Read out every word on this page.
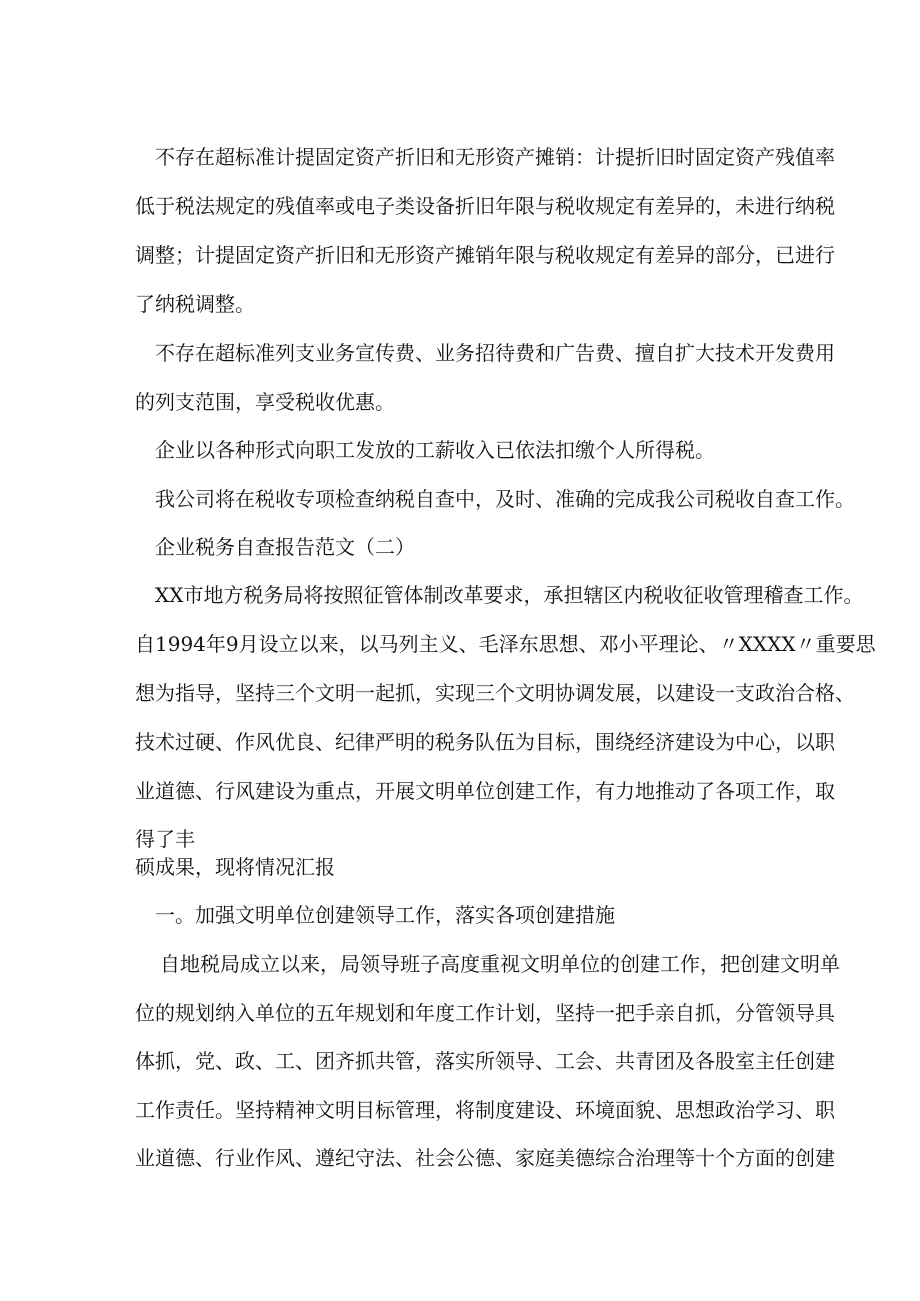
不存在超标准计提固定资产折旧和无形资产摊销：计提折旧时固定资产残值率
低于税法规定的残值率或电子类设备折旧年限与税收规定有差异的，未进行纳税
调整；计提固定资产折旧和无形资产摊销年限与税收规定有差异的部分，已进行
了纳税调整。
不存在超标准列支业务宣传费、业务招待费和广告费、擅自扩大技术开发费用
的列支范围，享受税收优惠。
企业以各种形式向职工发放的工薪收入已依法扣缴个人所得税。
我公司将在税收专项检查纳税自查中，及时、准确的完成我公司税收自查工作。
企业税务自查报告范文（二）
XX市地方税务局将按照征管体制改革要求，承担辖区内税收征收管理稽查工作。
自1994年9月设立以来，以马列主义、毛泽东思想、邓小平理论、〃XXXX〃重要思
想为指导，坚持三个文明一起抓，实现三个文明协调发展，以建设一支政治合格、
技术过硬、作风优良、纪律严明的税务队伍为目标，围绕经济建设为中心，以职
业道德、行风建设为重点，开展文明单位创建工作，有力地推动了各项工作，取
得了丰
硕成果，现将情况汇报
一。加强文明单位创建领导工作，落实各项创建措施
自地税局成立以来，局领导班子高度重视文明单位的创建工作，把创建文明单
位的规划纳入单位的五年规划和年度工作计划，坚持一把手亲自抓，分管领导具
体抓，党、政、工、团齐抓共管，落实所领导、工会、共青团及各股室主任创建
工作责任。坚持精神文明目标管理，将制度建设、环境面貌、思想政治学习、职
业道德、行业作风、遵纪守法、社会公德、家庭美德综合治理等十个方面的创建
